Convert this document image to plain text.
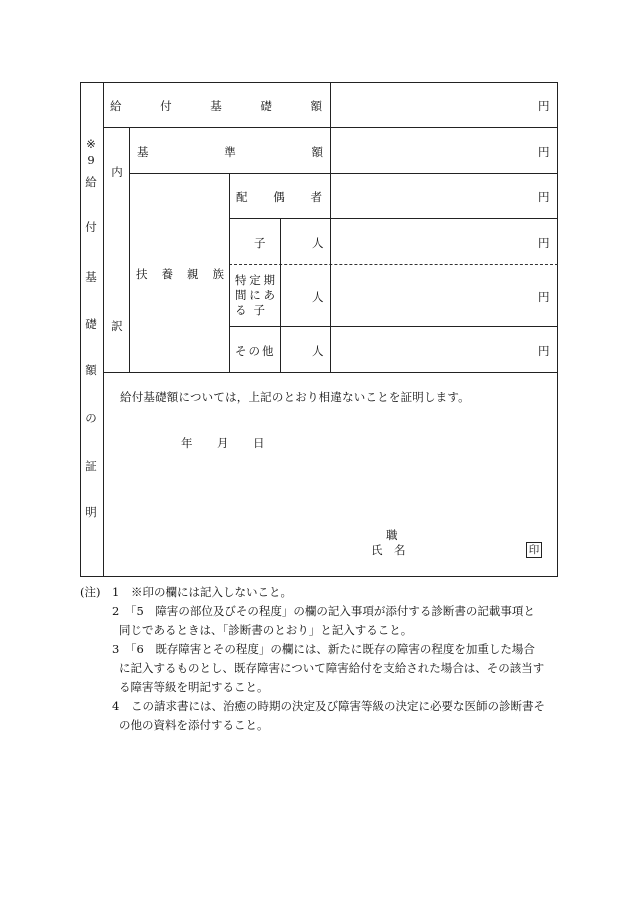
※
9
給
付
基
礎
額
の
証
明
給	付	基	礎	額	円
内
訳
基	準	額	円
扶 養 親 族
配 偶 者	円
子	人	円
特 定 期
間 に あ
る子
人	円
その他	人	円
給付基礎額については，上記のとおり相違ないことを証明します。
年 月 日
職
氏　名	印
(注) 1 ※印の欄には記入しないこと。
2 「5　障害の部位及びその程度」の欄の記入事項が添付する診断書の記載事項と
同じであるときは、「診断書のとおり」と記入すること。
3 「6　既存障害とその程度」の欄には、新たに既存の障害の程度を加重した場合
に記入するものとし、既存障害について障害給付を支給された場合は、その該当す
る障害等級を明記すること。
4 この請求書には、治癒の時期の決定及び障害等級の決定に必要な医師の診断書そ
の他の資料を添付すること。
